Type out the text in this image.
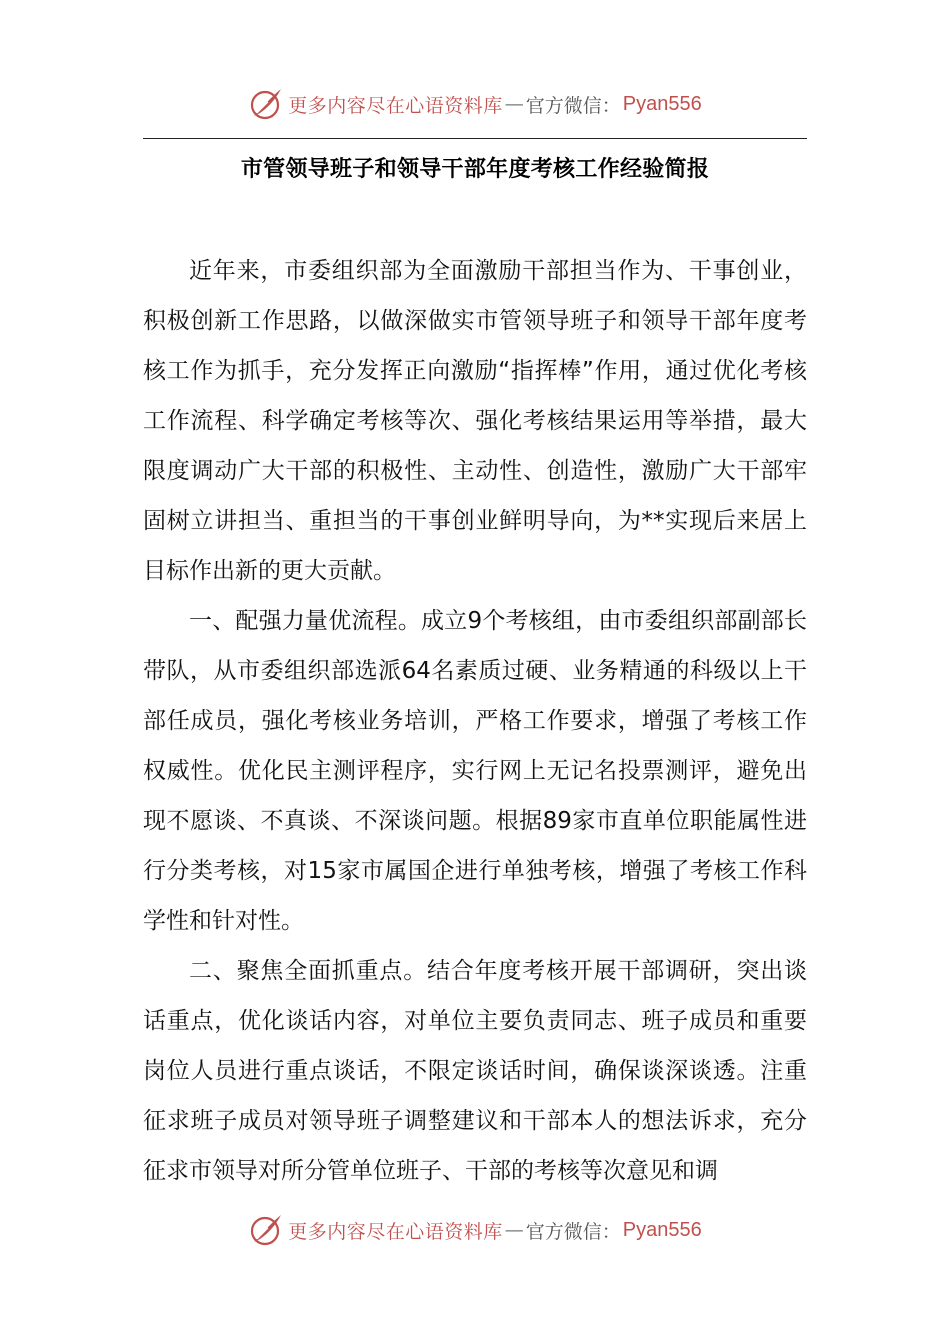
更多内容尽在心语资料库 — 官方微信： Pyan556
市管领导班子和领导干部年度考核工作经验简报

近年来，市委组织部为全面激励干部担当作为、干事创业，积极创新工作思路，以做深做实市管领导班子和领导干部年度考核工作为抓手，充分发挥正向激励“指挥棒”作用，通过优化考核工作流程、科学确定考核等次、强化考核结果运用等举措，最大限度调动广大干部的积极性、主动性、创造性，激励广大干部牢固树立讲担当、重担当的干事创业鲜明导向，为**实现后来居上目标作出新的更大贡献。

一、配强力量优流程。成立9个考核组，由市委组织部副部长带队，从市委组织部选派64名素质过硬、业务精通的科级以上干部任成员，强化考核业务培训，严格工作要求，增强了考核工作权威性。优化民主测评程序，实行网上无记名投票测评，避免出现不愿谈、不真谈、不深谈问题。根据89家市直单位职能属性进行分类考核，对15家市属国企进行单独考核，增强了考核工作科学性和针对性。

二、聚焦全面抓重点。结合年度考核开展干部调研，突出谈话重点，优化谈话内容，对单位主要负责同志、班子成员和重要岗位人员进行重点谈话，不限定谈话时间，确保谈深谈透。注重征求班子成员对领导班子调整建议和干部本人的想法诉求，充分征求市领导对所分管单位班子、干部的考核等次意见和调

更多内容尽在心语资料库 — 官方微信： Pyan556
